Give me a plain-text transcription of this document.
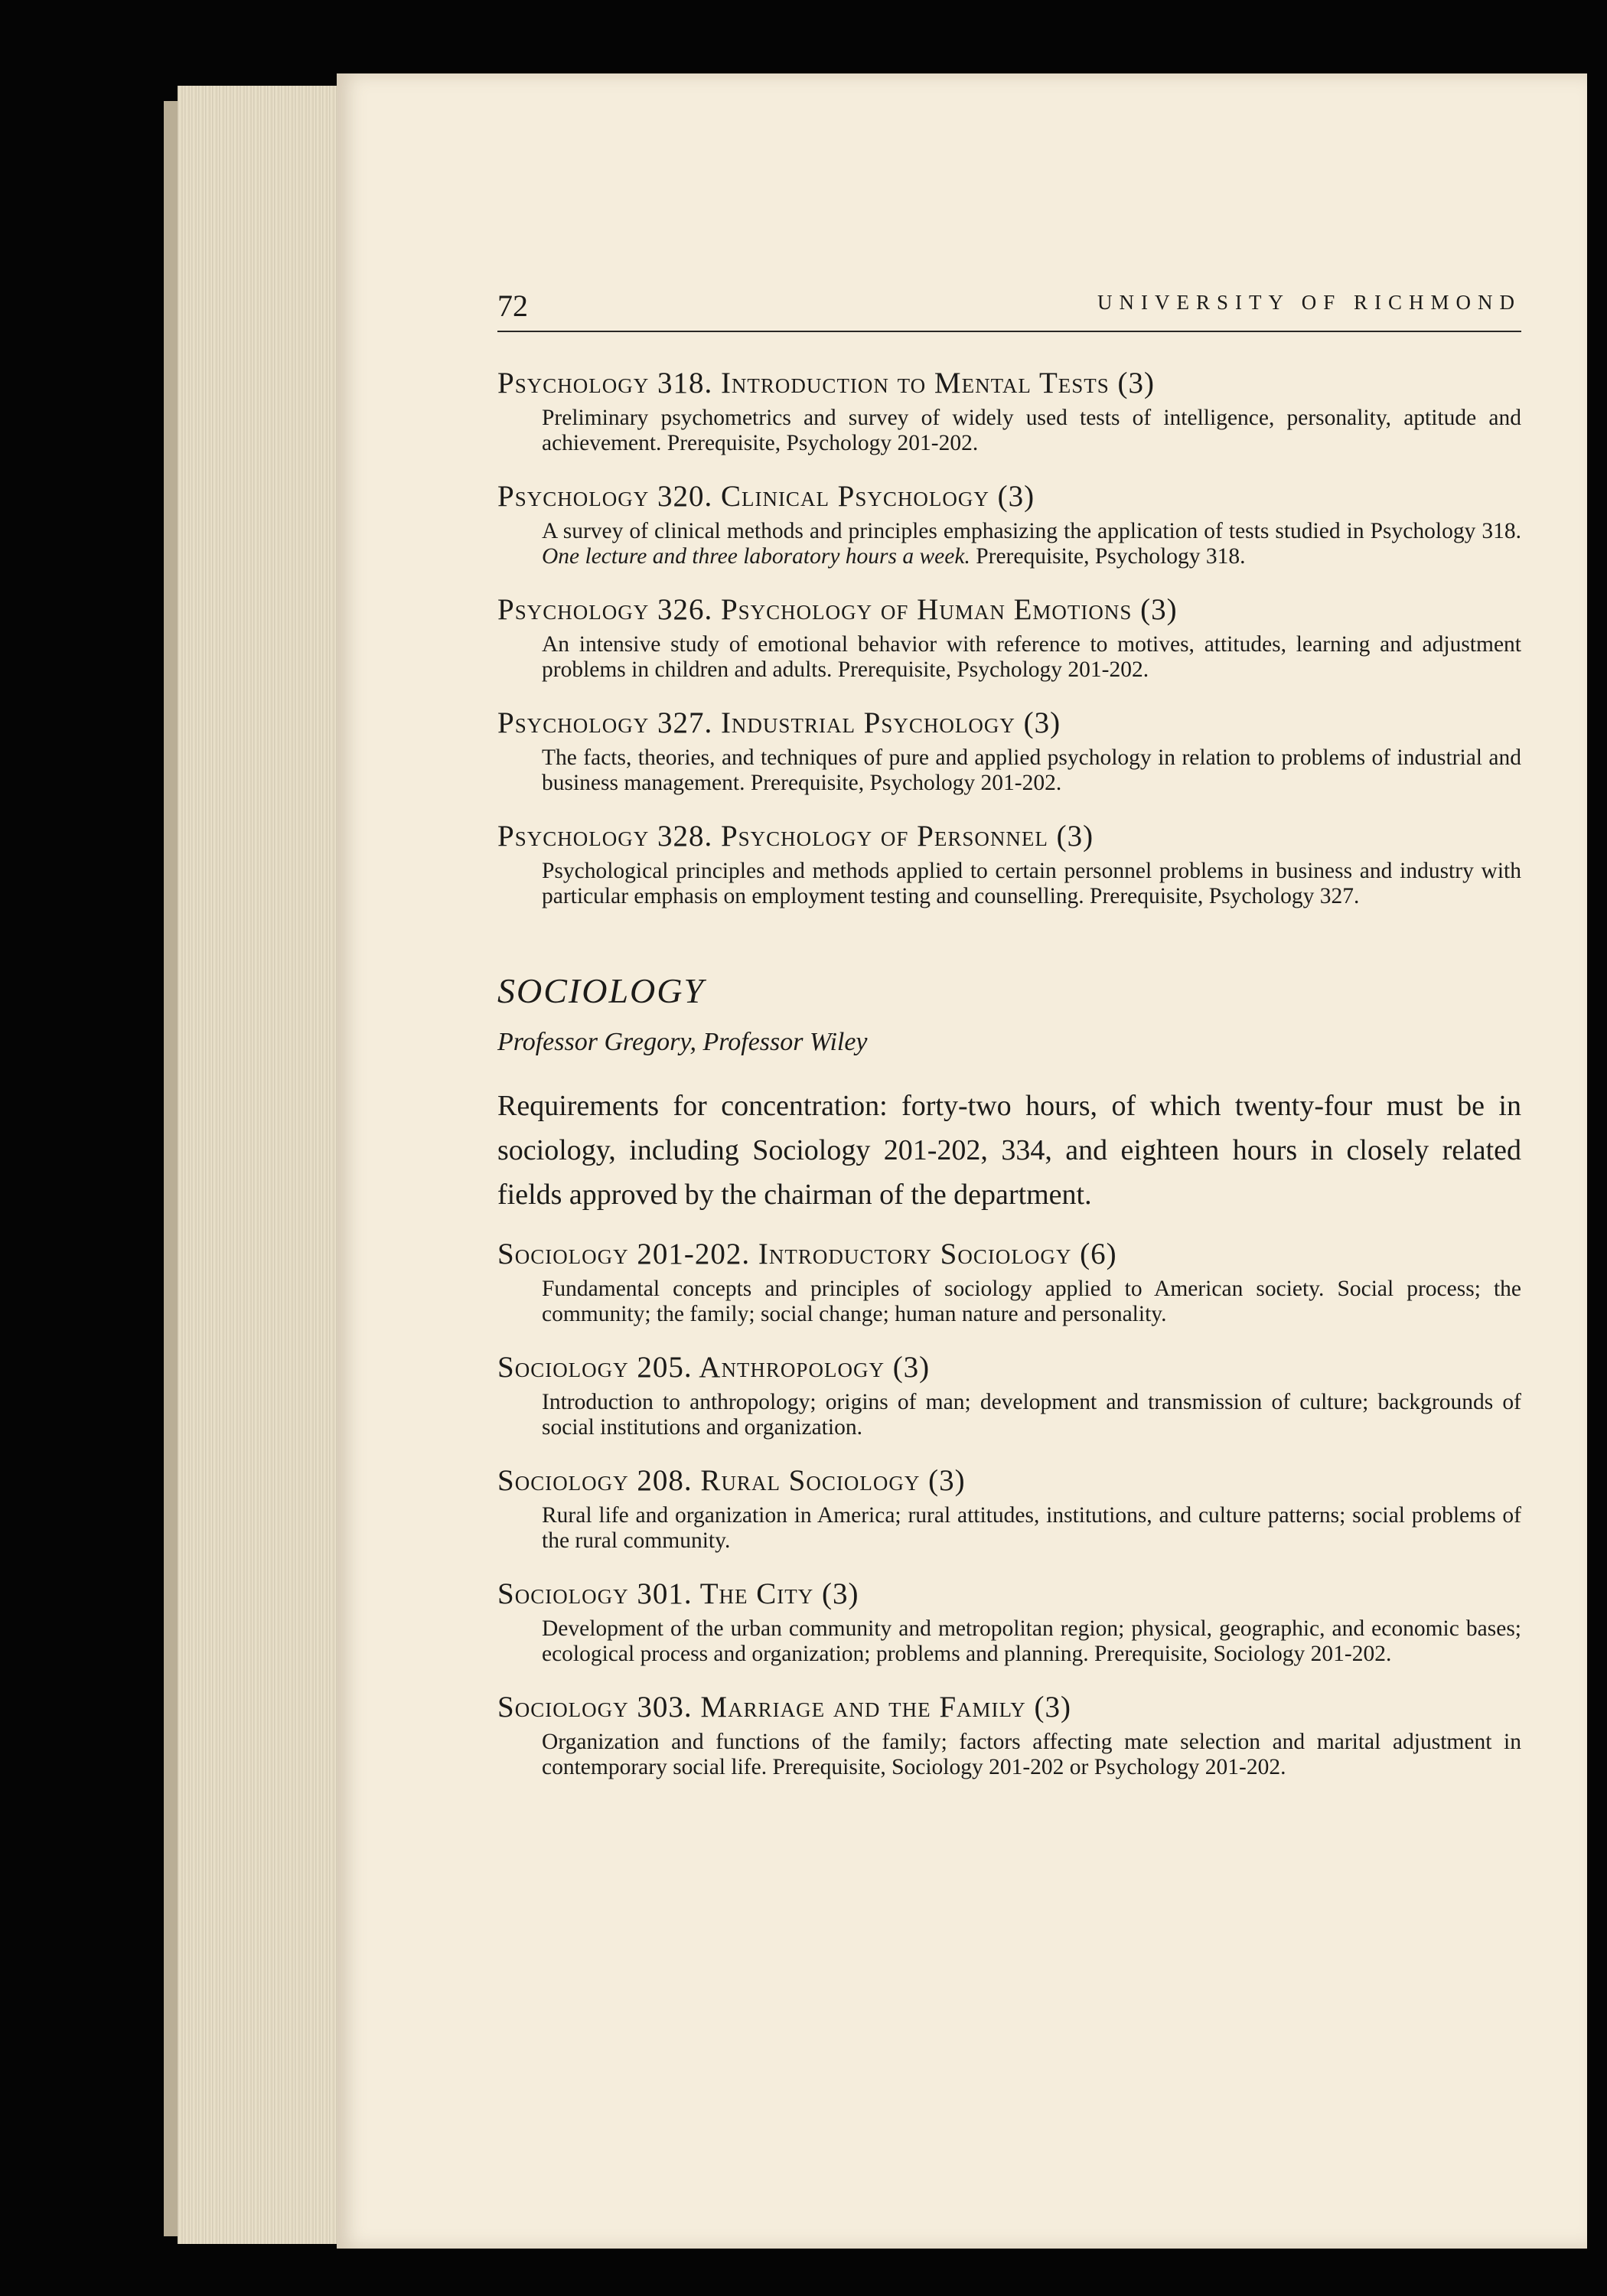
72	UNIVERSITY OF RICHMOND
Psychology 318. Introduction to Mental Tests (3)
Preliminary psychometrics and survey of widely used tests of intelligence, personality, aptitude and achievement. Prerequisite, Psychology 201-202.
Psychology 320. Clinical Psychology (3)
A survey of clinical methods and principles emphasizing the application of tests studied in Psychology 318. One lecture and three laboratory hours a week. Prerequisite, Psychology 318.
Psychology 326. Psychology of Human Emotions (3)
An intensive study of emotional behavior with reference to motives, attitudes, learning and adjustment problems in children and adults. Prerequisite, Psychology 201-202.
Psychology 327. Industrial Psychology (3)
The facts, theories, and techniques of pure and applied psychology in relation to problems of industrial and business management. Prerequisite, Psychology 201-202.
Psychology 328. Psychology of Personnel (3)
Psychological principles and methods applied to certain personnel problems in business and industry with particular emphasis on employment testing and counselling. Prerequisite, Psychology 327.
SOCIOLOGY
Professor Gregory, Professor Wiley
Requirements for concentration: forty-two hours, of which twenty-four must be in sociology, including Sociology 201-202, 334, and eighteen hours in closely related fields approved by the chairman of the department.
Sociology 201-202. Introductory Sociology (6)
Fundamental concepts and principles of sociology applied to American society. Social process; the community; the family; social change; human nature and personality.
Sociology 205. Anthropology (3)
Introduction to anthropology; origins of man; development and transmission of culture; backgrounds of social institutions and organization.
Sociology 208. Rural Sociology (3)
Rural life and organization in America; rural attitudes, institutions, and culture patterns; social problems of the rural community.
Sociology 301. The City (3)
Development of the urban community and metropolitan region; physical, geographic, and economic bases; ecological process and organization; problems and planning. Prerequisite, Sociology 201-202.
Sociology 303. Marriage and the Family (3)
Organization and functions of the family; factors affecting mate selection and marital adjustment in contemporary social life. Prerequisite, Sociology 201-202 or Psychology 201-202.
